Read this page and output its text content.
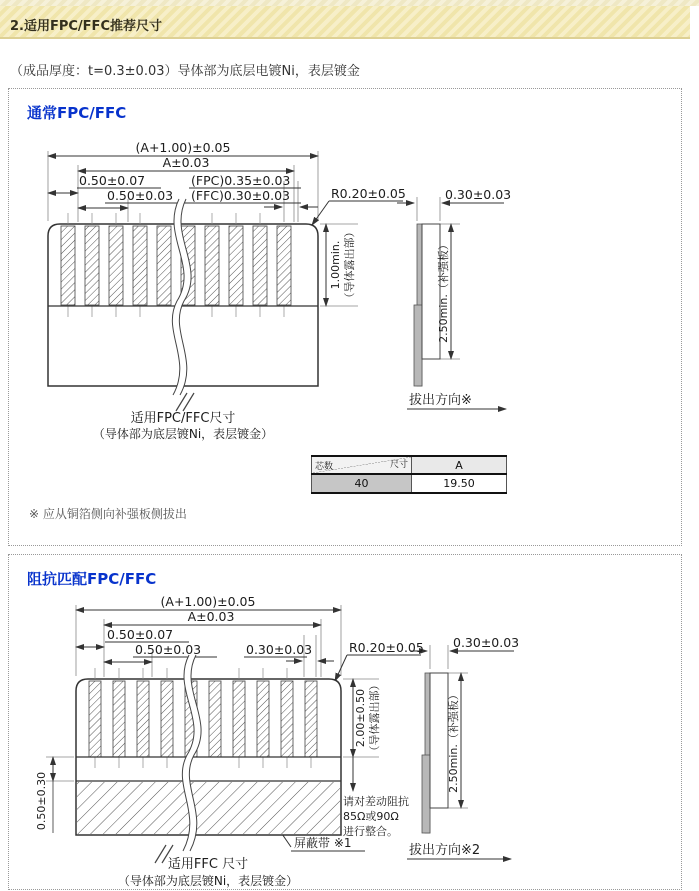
2.适用FPC/FFC推荐尺寸
（成品厚度：t=0.3±0.03）导体部为底层电镀Ni，表层镀金
通常FPC/FFC
(A+1.00)±0.05
A±0.03
0.50±0.07
0.50±0.03
(FPC)0.35±0.03
(FFC)0.30±0.03	R0.20±0.05	0.30±0.03
1.00min. （导体露出部）	2.50min.（补强板）
适用FPC/FFC尺寸
（导体部为底层镀Ni，表层镀金）
拔出方向※
尺寸
芯数	A
40	19.50
※ 应从铜箔侧向补强板侧拔出
阻抗匹配FPC/FFC
(A+1.00)±0.05
A±0.03
0.50±0.07
0.50±0.03	0.30±0.03	R0.20±0.05 0.30±0.03
2.00±0.50 （导体露出部）
0.50±0.30
2.50min.（补强板）
请对差动阻抗
85Ω或90Ω
进行整合。
屏蔽带 ※1
适用FFC 尺寸
（导体部为底层镀Ni，表层镀金）
拔出方向※2
